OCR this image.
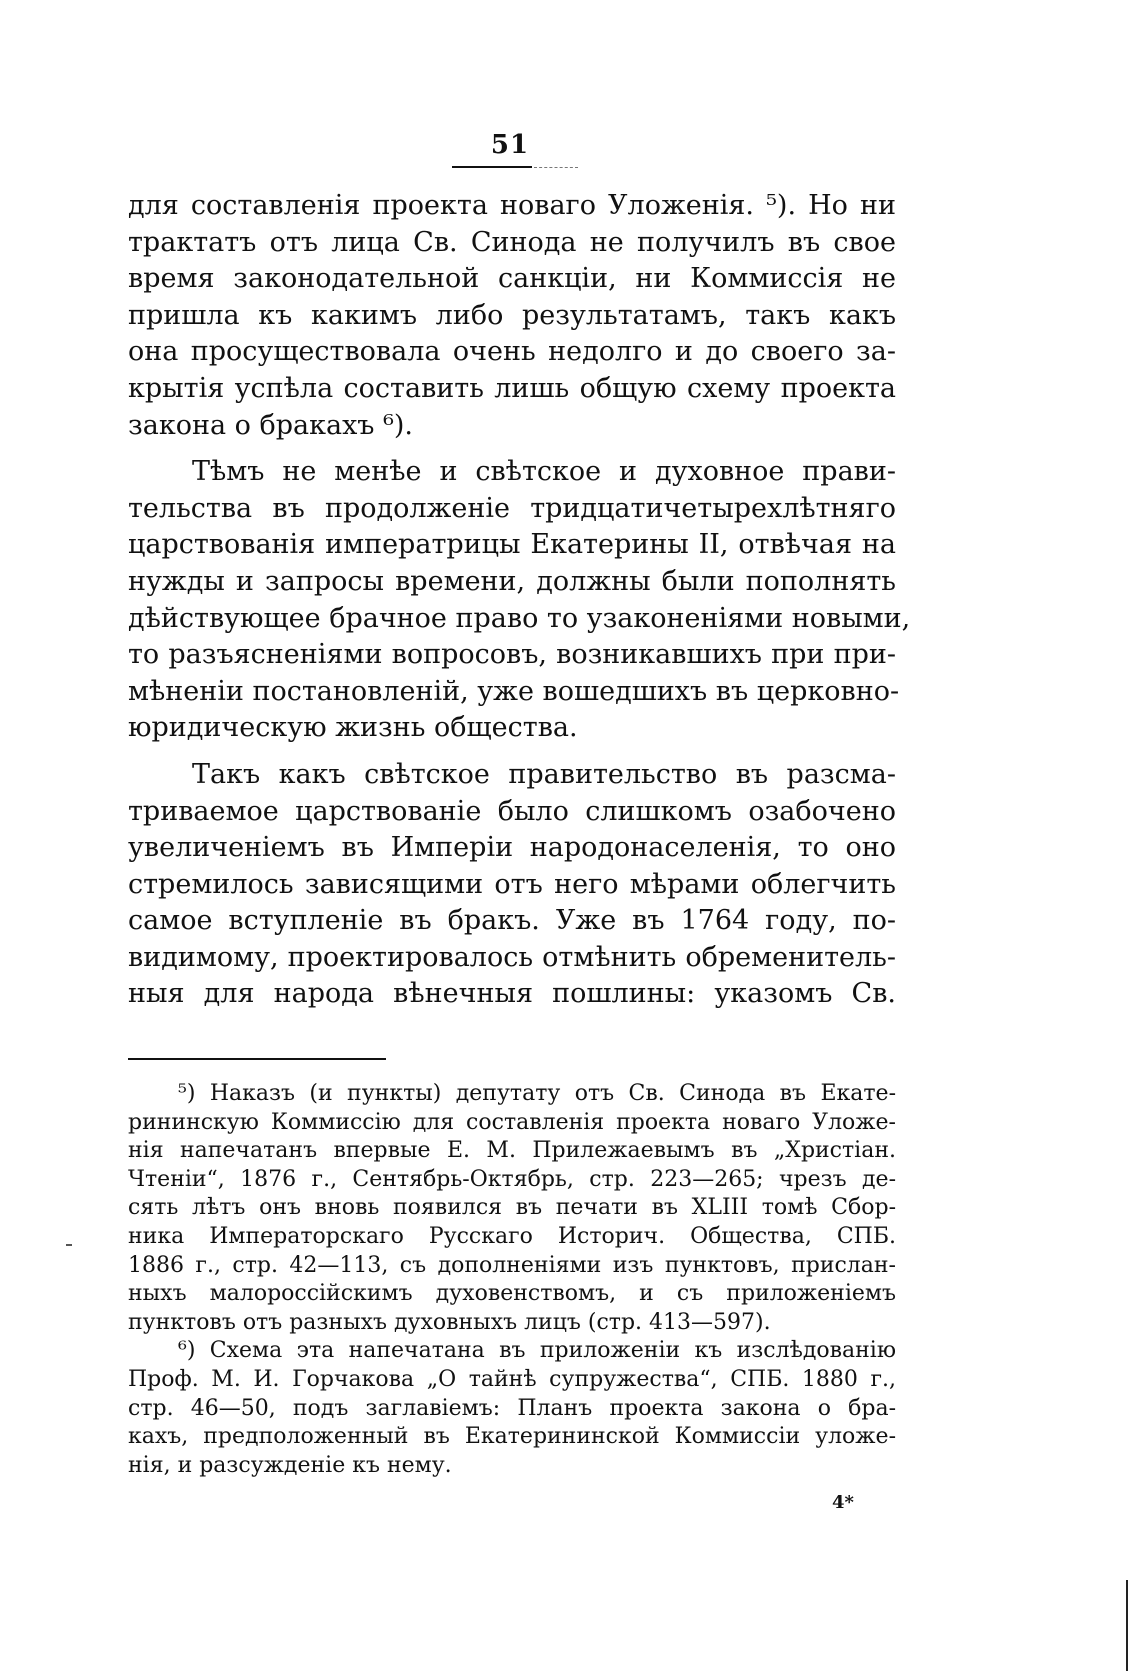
51
для составленія проекта новаго Уложенія. ⁵). Но ни
трактатъ отъ лица Св. Синода не получилъ въ свое
время законодательной санкціи, ни Коммиссія не
пришла къ какимъ либо результатамъ, такъ какъ
она просуществовала очень недолго и до своего за-
крытія успѣла составить лишь общую схему проекта
закона о бракахъ ⁶).
Тѣмъ не менѣе и свѣтское и духовное прави-
тельства въ продолженіе тридцатичетырехлѣтняго
царствованія императрицы Екатерины II, отвѣчая на
нужды и запросы времени, должны были пополнять
дѣйствующее брачное право то узаконеніями новыми,
то разъясненіями вопросовъ, возникавшихъ при при-
мѣненіи постановленій, уже вошедшихъ въ церковно-
юридическую жизнь общества.
Такъ какъ свѣтское правительство въ разсма-
триваемое царствованіе было слишкомъ озабочено
увеличеніемъ въ Имперіи народонаселенія, то оно
стремилось зависящими отъ него мѣрами облегчить
самое вступленіе въ бракъ. Уже въ 1764 году, по-
видимому, проектировалось отмѣнить обременитель-
ныя для народа вѣнечныя пошлины: указомъ Св.
⁵) Наказъ (и пункты) депутату отъ Св. Синода въ Екате-
рининскую Коммиссію для составленія проекта новаго Уложе-
нія напечатанъ впервые Е. М. Прилежаевымъ въ „Христіан.
Чтеніи“, 1876 г., Сентябрь-Октябрь, стр. 223—265; чрезъ де-
сять лѣтъ онъ вновь появился въ печати въ XLIII томѣ Сбор-
ника Императорскаго Русскаго Историч. Общества, СПБ.
1886 г., стр. 42—113, съ дополненіями изъ пунктовъ, прислан-
ныхъ малороссійскимъ духовенствомъ, и съ приложеніемъ
пунктовъ отъ разныхъ духовныхъ лицъ (стр. 413—597).
⁶) Схема эта напечатана въ приложеніи къ изслѣдованію
Проф. М. И. Горчакова „О тайнѣ супружества“, СПБ. 1880 г.,
стр. 46—50, подъ заглавіемъ: Планъ проекта закона о бра-
кахъ, предположенный въ Екатерининской Коммиссіи уложе-
нія, и разсужденіе къ нему.
4*
